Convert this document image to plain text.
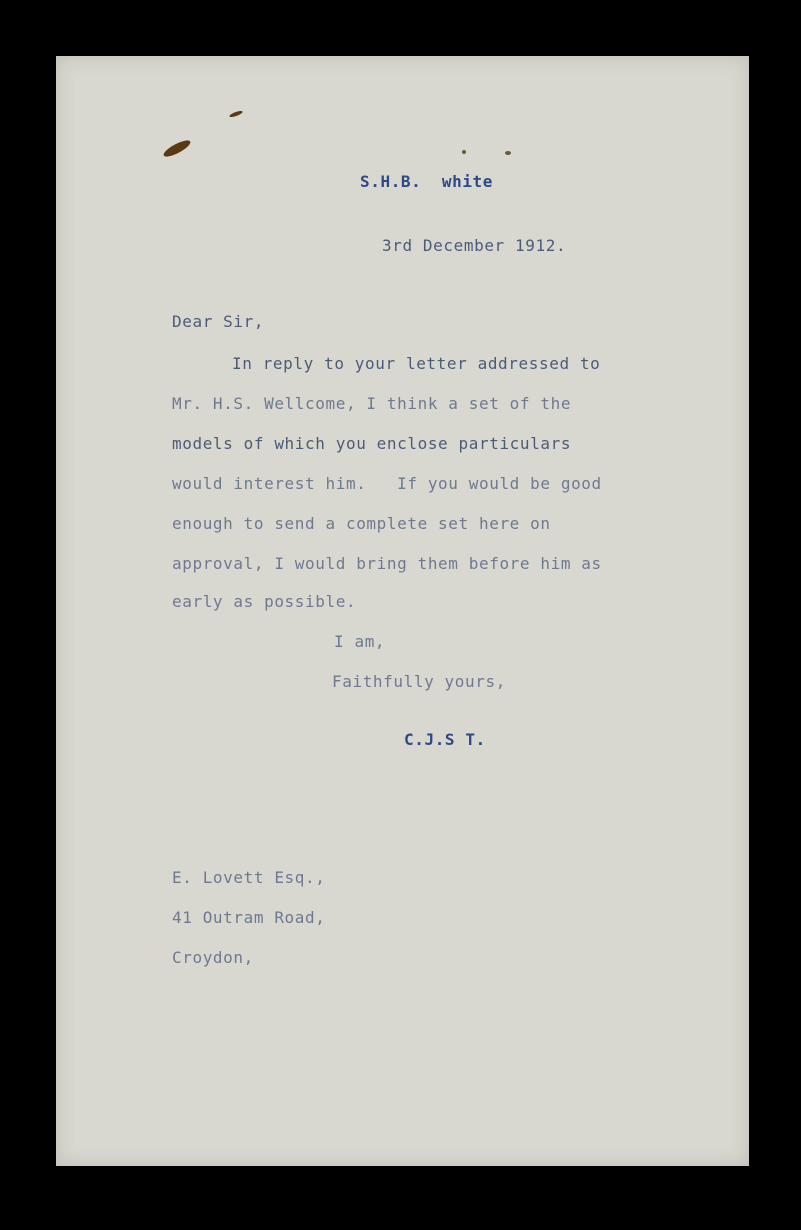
S.H.B.  white
3rd December 1912.
Dear Sir,
In reply to your letter addressed to
Mr. H.S. Wellcome, I think a set of the
models of which you enclose particulars
would interest him.   If you would be good
enough to send a complete set here on
approval, I would bring them before him as
early as possible.
I am,
Faithfully yours,
C.J.S T.
E. Lovett Esq.,
41 Outram Road,
Croydon,
